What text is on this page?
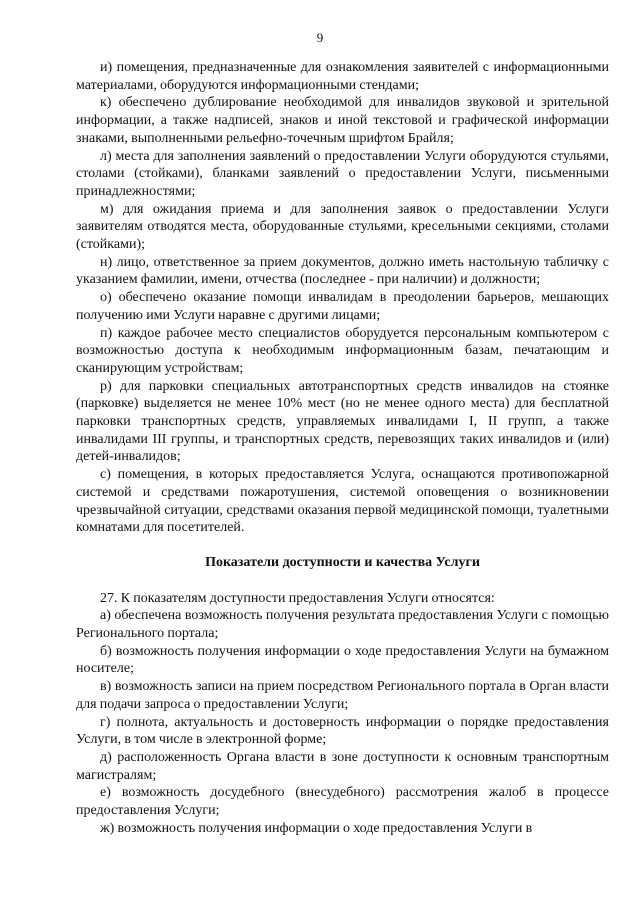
9

и) помещения, предназначенные для ознакомления заявителей с информационными материалами, оборудуются информационными стендами;

к) обеспечено дублирование необходимой для инвалидов звуковой и зрительной информации, а также надписей, знаков и иной текстовой и графической информации знаками, выполненными рельефно-точечным шрифтом Брайля;

л) места для заполнения заявлений о предоставлении Услуги оборудуются стульями, столами (стойками), бланками заявлений о предоставлении Услуги, письменными принадлежностями;

м) для ожидания приема и для заполнения заявок о предоставлении Услуги заявителям отводятся места, оборудованные стульями, кресельными секциями, столами (стойками);

н) лицо, ответственное за прием документов, должно иметь настольную табличку с указанием фамилии, имени, отчества (последнее - при наличии) и должности;

о) обеспечено оказание помощи инвалидам в преодолении барьеров, мешающих получению ими Услуги наравне с другими лицами;

п) каждое рабочее место специалистов оборудуется персональным компьютером с возможностью доступа к необходимым информационным базам, печатающим и сканирующим устройствам;

р) для парковки специальных автотранспортных средств инвалидов на стоянке (парковке) выделяется не менее 10% мест (но не менее одного места) для бесплатной парковки транспортных средств, управляемых инвалидами I, II групп, а также инвалидами III группы, и транспортных средств, перевозящих таких инвалидов и (или) детей-инвалидов;

с) помещения, в которых предоставляется Услуга, оснащаются противопожарной системой и средствами пожаротушения, системой оповещения о возникновении чрезвычайной ситуации, средствами оказания первой медицинской помощи, туалетными комнатами для посетителей.

Показатели доступности и качества Услуги

27. К показателям доступности предоставления Услуги относятся:

а) обеспечена возможность получения результата предоставления Услуги с помощью Регионального портала;

б) возможность получения информации о ходе предоставления Услуги на бумажном носителе;

в) возможность записи на прием посредством Регионального портала в Орган власти для подачи запроса о предоставлении Услуги;

г) полнота, актуальность и достоверность информации о порядке предоставления Услуги, в том числе в электронной форме;

д) расположенность Органа власти в зоне доступности к основным транспортным магистралям;

е) возможность досудебного (внесудебного) рассмотрения жалоб в процессе предоставления Услуги;

ж) возможность получения информации о ходе предоставления Услуги в
